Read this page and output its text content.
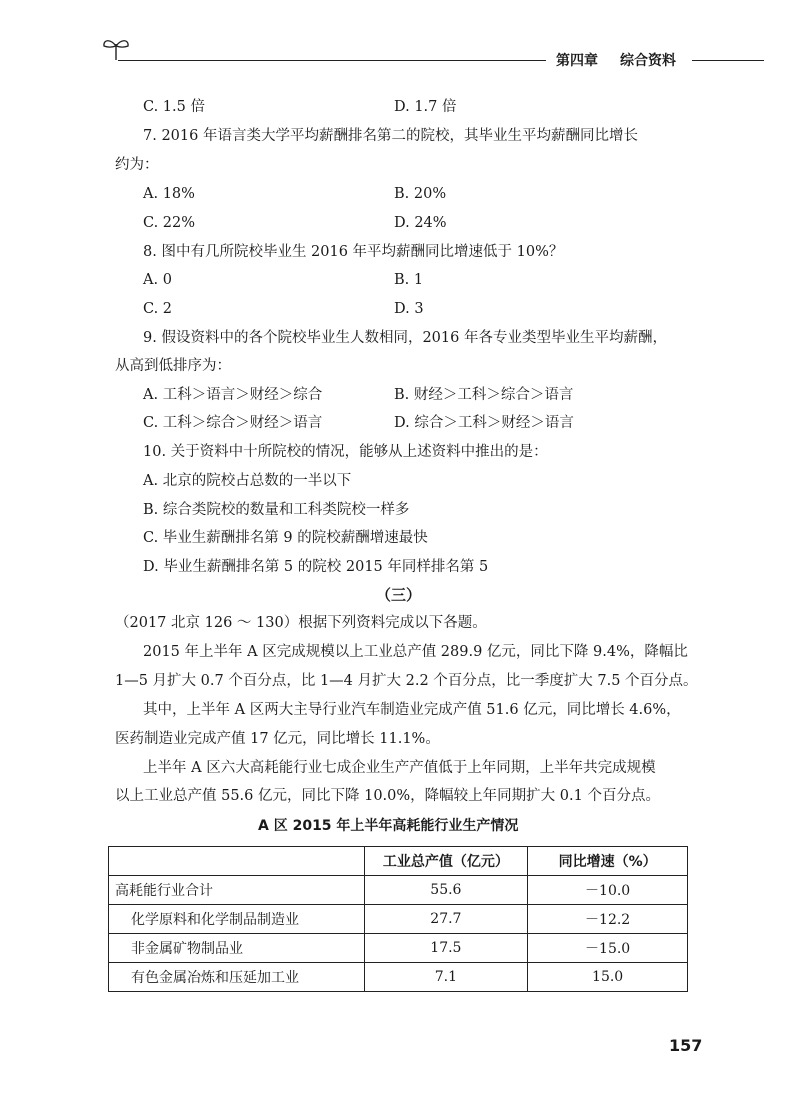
第四章 综合资料
C. 1.5 倍	D. 1.7 倍
7. 2016 年语言类大学平均薪酬排名第二的院校，其毕业生平均薪酬同比增长
约为：
A. 18%	B. 20%
C. 22%	D. 24%
8. 图中有几所院校毕业生 2016 年平均薪酬同比增速低于 10%？
A. 0	B. 1
C. 2	D. 3
9. 假设资料中的各个院校毕业生人数相同，2016 年各专业类型毕业生平均薪酬，
从高到低排序为：
A. 工科＞语言＞财经＞综合	B. 财经＞工科＞综合＞语言
C. 工科＞综合＞财经＞语言	D. 综合＞工科＞财经＞语言
10. 关于资料中十所院校的情况，能够从上述资料中推出的是：
A. 北京的院校占总数的一半以下
B. 综合类院校的数量和工科类院校一样多
C. 毕业生薪酬排名第 9 的院校薪酬增速最快
D. 毕业生薪酬排名第 5 的院校 2015 年同样排名第 5
（三）
（2017 北京 126 ～ 130）根据下列资料完成以下各题。
2015 年上半年 A 区完成规模以上工业总产值 289.9 亿元，同比下降 9.4%，降幅比
1—5 月扩大 0.7 个百分点，比 1—4 月扩大 2.2 个百分点，比一季度扩大 7.5 个百分点。
其中，上半年 A 区两大主导行业汽车制造业完成产值 51.6 亿元，同比增长 4.6%，
医药制造业完成产值 17 亿元，同比增长 11.1%。
上半年 A 区六大高耗能行业七成企业生产产值低于上年同期，上半年共完成规模
以上工业总产值 55.6 亿元，同比下降 10.0%，降幅较上年同期扩大 0.1 个百分点。
A 区 2015 年上半年高耗能行业生产情况
	工业总产值（亿元）	同比增速（%）
高耗能行业合计	55.6	－10.0
化学原料和化学制品制造业	27.7	－12.2
非金属矿物制品业	17.5	－15.0
有色金属冶炼和压延加工业	7.1	15.0
157
